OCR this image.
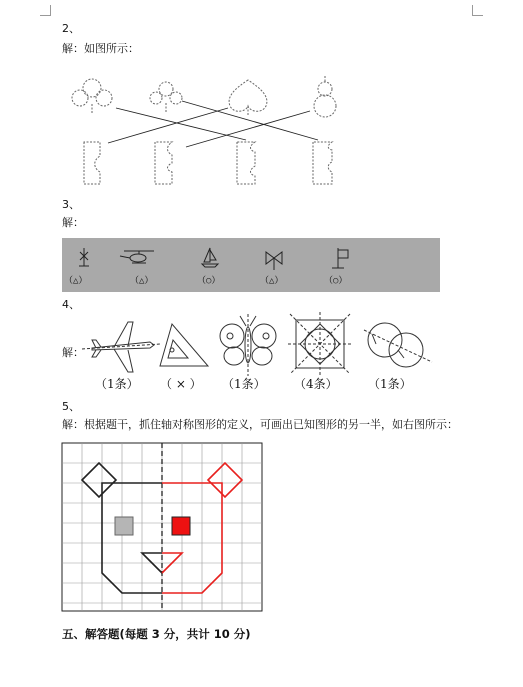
2、
解：如图所示：
3、
解：
（△）	（△）	（○）	（△）	（○）
4、
解：
（1条） （ × ） （1条） （4条）	（1条）
5、
解：根据题干，抓住轴对称图形的定义，可画出已知图形的另一半，如右图所示：
五、解答题(每题 3 分，共计 10 分)
